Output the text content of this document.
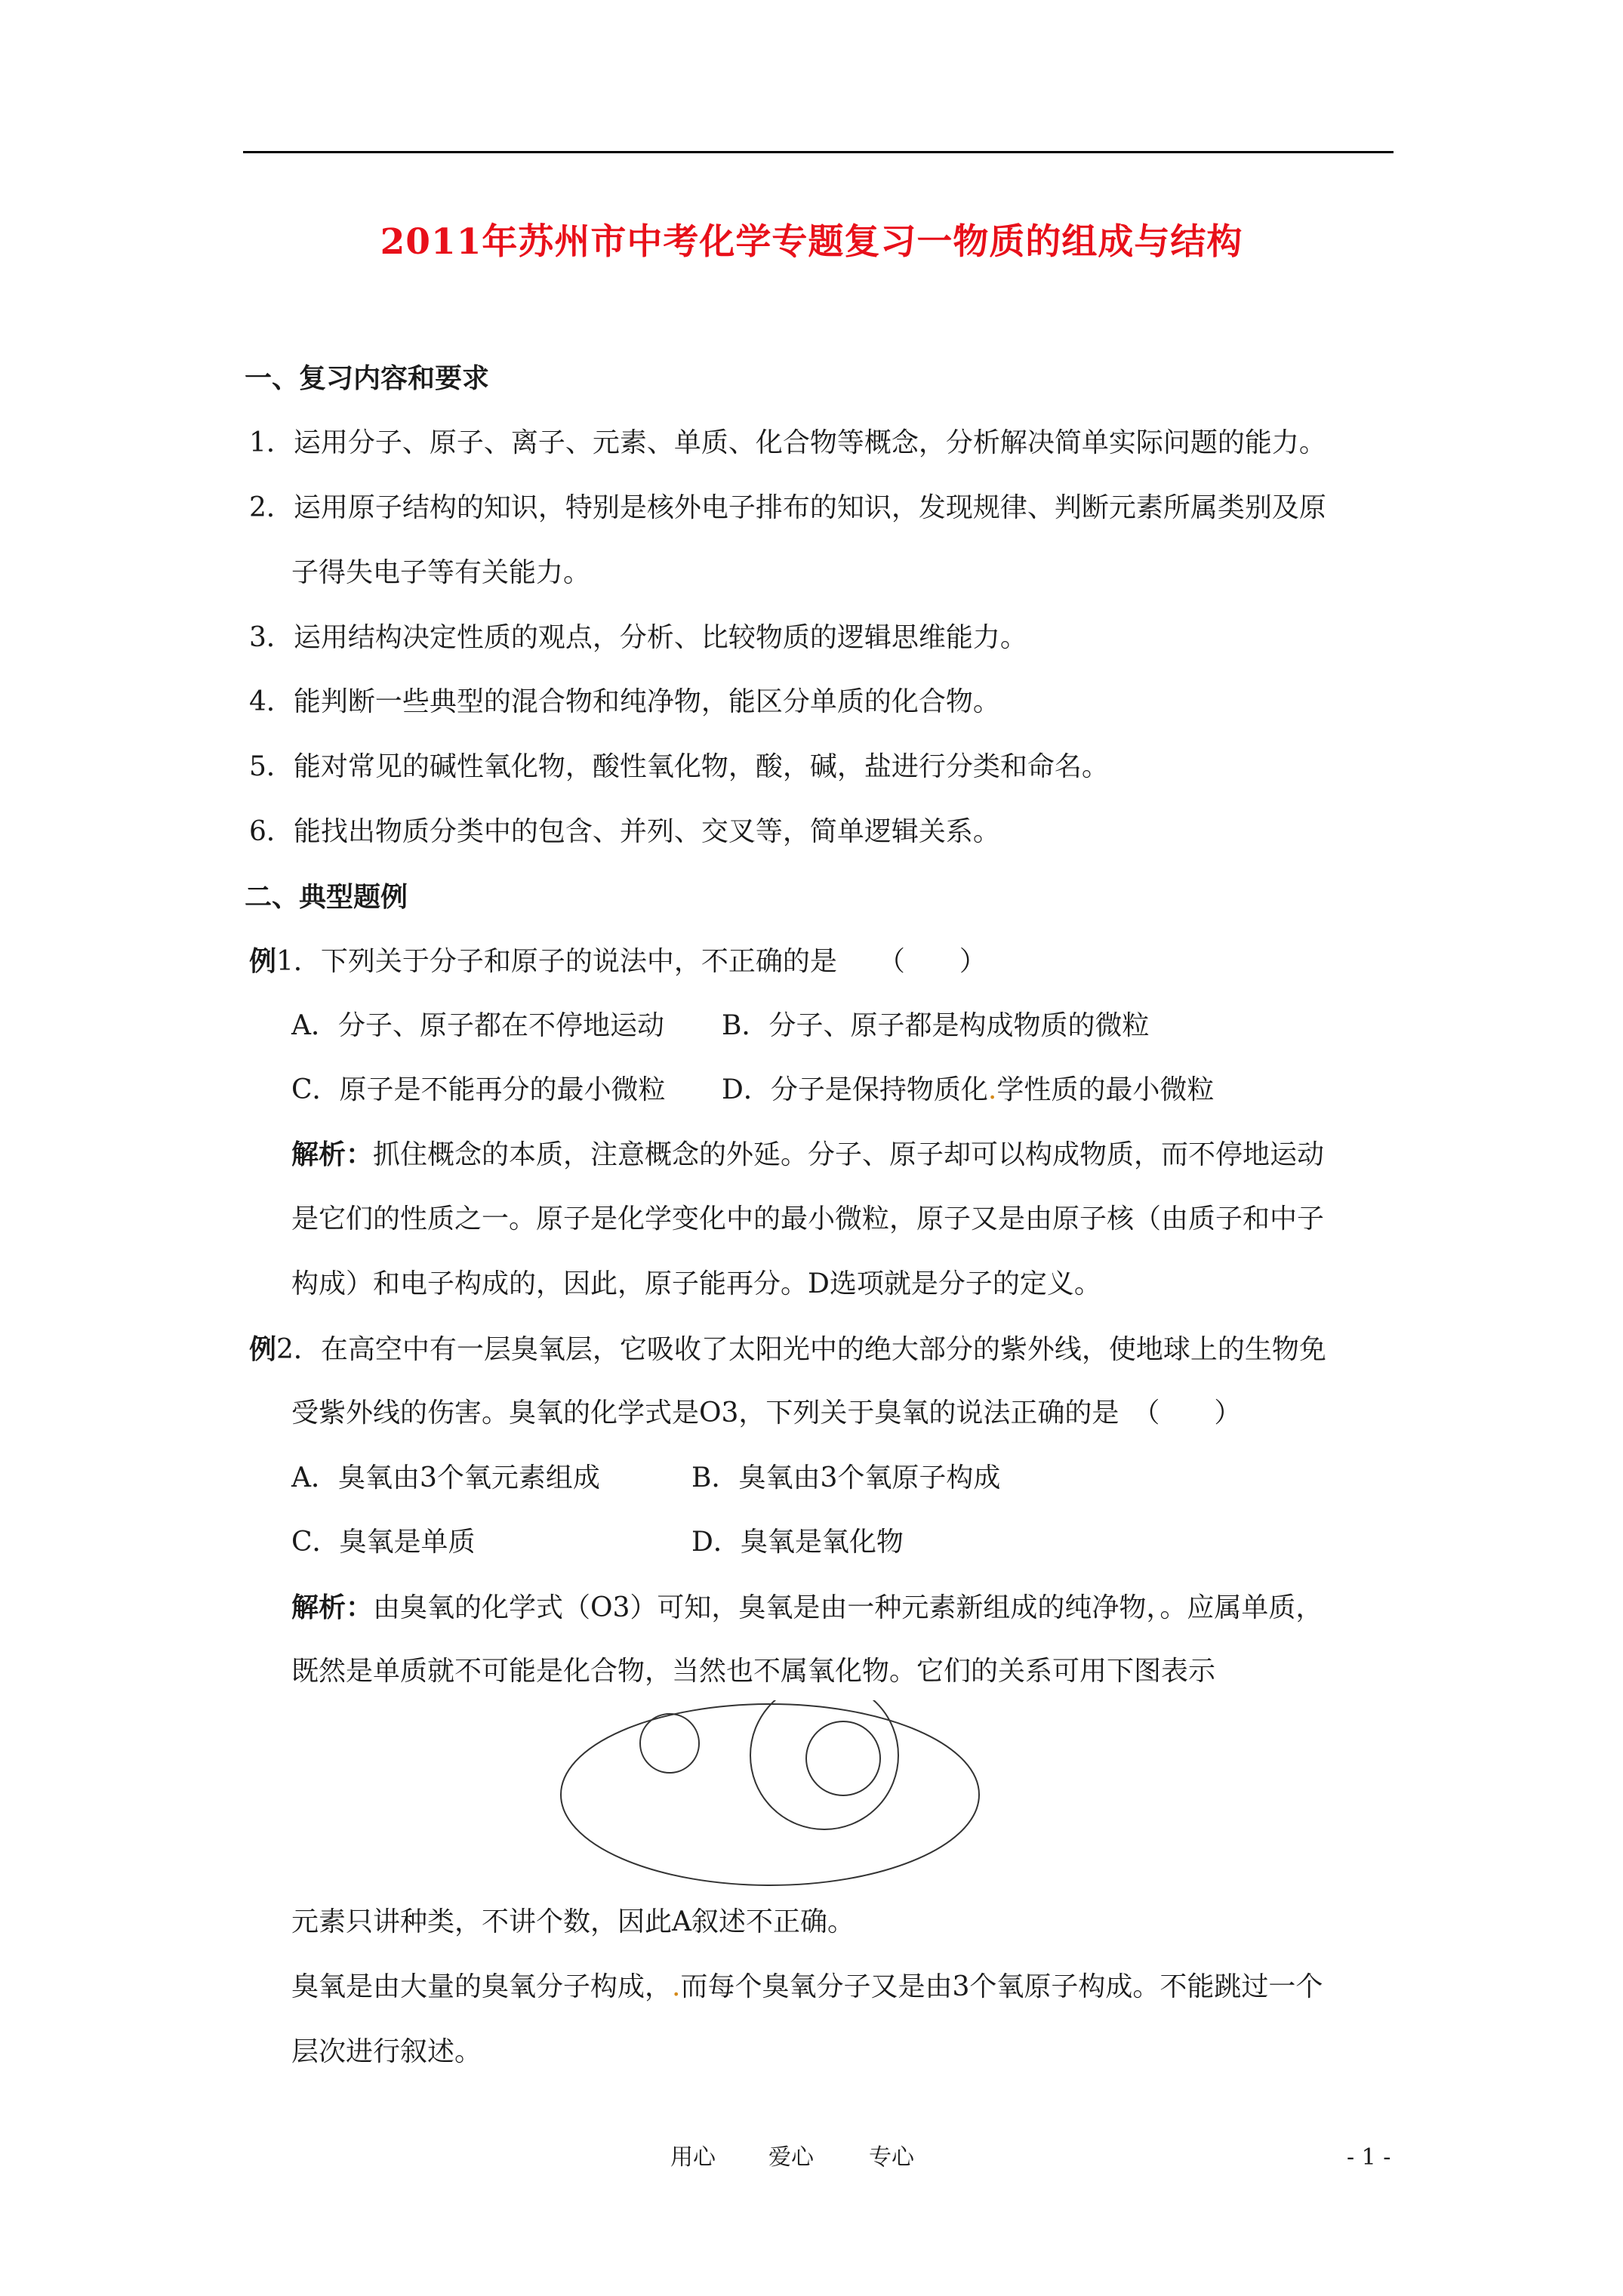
2011年苏州市中考化学专题复习一物质的组成与结构
一、复习内容和要求
1．运用分子、原子、离子、元素、单质、化合物等概念，分析解决简单实际问题的能力。
2．运用原子结构的知识，特别是核外电子排布的知识，发现规律、判断元素所属类别及原
子得失电子等有关能力。
3．运用结构决定性质的观点，分析、比较物质的逻辑思维能力。
4．能判断一些典型的混合物和纯净物，能区分单质的化合物。
5．能对常见的碱性氧化物，酸性氧化物，酸，碱，盐进行分类和命名。
6．能找出物质分类中的包含、并列、交叉等，简单逻辑关系。
二、典型题例
例1．下列关于分子和原子的说法中，不正确的是　　（　　）
A．分子、原子都在不停地运动 B．分子、原子都是构成物质的微粒
C．原子是不能再分的最小微粒 D．分子是保持物质化.学性质的最小微粒
解析：抓住概念的本质，注意概念的外延。分子、原子却可以构成物质，而不停地运动
是它们的性质之一。原子是化学变化中的最小微粒，原子又是由原子核（由质子和中子
构成）和电子构成的，因此，原子能再分。D选项就是分子的定义。
例2．在高空中有一层臭氧层，它吸收了太阳光中的绝大部分的紫外线，使地球上的生物免
受紫外线的伤害。臭氧的化学式是O3，下列关于臭氧的说法正确的是　（　　）
A．臭氧由3个氧元素组成	B．臭氧由3个氧原子构成
C．臭氧是单质	D．臭氧是氧化物
解析：由臭氧的化学式（O3）可知，臭氧是由一种元素新组成的纯净物，。应属单质，
既然是单质就不可能是化合物，当然也不属氧化物。它们的关系可用下图表示
元素只讲种类，不讲个数，因此A叙述不正确。
臭氧是由大量的臭氧分子构成，.而每个臭氧分子又是由3个氧原子构成。不能跳过一个
层次进行叙述。
用心 爱心 专心	- 1 -
